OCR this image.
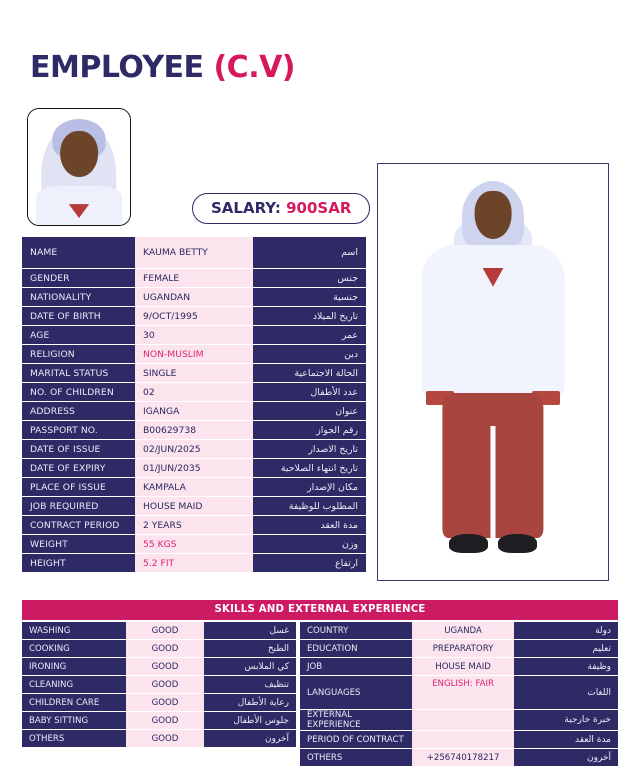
EMPLOYEE (C.V)
SALARY: 900SAR
NAME	KAUMA BETTY	اسم
GENDER	FEMALE	جنس
NATIONALITY	UGANDAN	جنسية
DATE OF BIRTH	9/OCT/1995	تاريخ الميلاد
AGE	30	عمر
RELIGION	NON-MUSLIM	دين
MARITAL STATUS	SINGLE	الحالة الاجتماعية
NO. OF CHILDREN	02	عدد الأطفال
ADDRESS	IGANGA	عنوان
PASSPORT NO.	B00629738	رقم الجواز
DATE OF ISSUE	02/JUN/2025	تاريخ الاصدار
DATE OF EXPIRY	01/JUN/2035	تاريخ انتهاء الصلاحية
PLACE OF ISSUE	KAMPALA	مكان الإصدار
JOB REQUIRED	HOUSE MAID	المطلوب للوظيفة
CONTRACT PERIOD	2 YEARS	مدة العقد
WEIGHT	55 KGS	وزن
HEIGHT	5.2 FIT	ارتفاع
SKILLS AND EXTERNAL EXPERIENCE
WASHING	GOOD	غسل
COOKING	GOOD	الطبخ
IRONING	GOOD	كي الملابس
CLEANING	GOOD	تنظيف
CHILDREN CARE	GOOD	رعاية الأطفال
BABY SITTING	GOOD	جلوس الأطفال
OTHERS	GOOD	آخرون
COUNTRY	UGANDA	دولة
EDUCATION	PREPARATORY	تعليم
JOB	HOUSE MAID	وظيفة
LANGUAGES	ENGLISH: FAIR	اللغات
EXTERNAL EXPERIENCE		خبرة خارجية
PERIOD OF CONTRACT		مدة العقد
OTHERS	+256740178217	آخرون
